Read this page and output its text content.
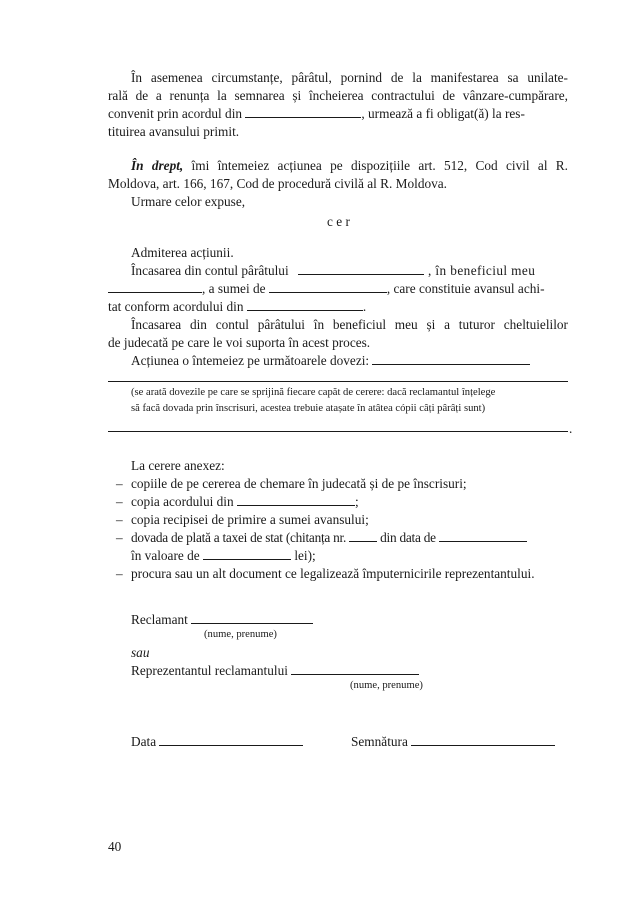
În asemenea circumstanțe, pârâtul, pornind de la manifestarea sa unilate-
rală de a renunța la semnarea și încheierea contractului de vânzare-cumpărare,
convenit prin acordul din	, urmează a fi obligat(ă) la res-
tituirea avansului primit.
În drept, îmi întemeiez acțiunea pe dispozițiile art. 512, Cod civil al R.
Moldova, art. 166, 167, Cod de procedură civilă al R. Moldova.
Urmare celor expuse,
c e r
Admiterea acțiunii.
Încasarea din contul pârâtului	, în beneficiul meu
, a sumei de	, care constituie avansul achi-
tat conform acordului din	.
Încasarea din contul pârâtului în beneficiul meu și a tuturor cheltuielilor
de judecată pe care le voi suporta în acest proces.
Acțiunea o întemeiez pe următoarele dovezi:
(se arată dovezile pe care se sprijină fiecare capăt de cerere: dacă reclamantul înțelege
să facă dovada prin înscrisuri, acestea trebuie atașate în atâtea cópii câți pârâți sunt)
.
La cerere anexez:
– copiile de pe cererea de chemare în judecată și de pe înscrisuri;
– copia acordului din	;
– copia recipisei de primire a sumei avansului;
– dovada de plată a taxei de stat (chitanța nr.	din data de
în valoare de	lei);
– procura sau un alt document ce legalizează împuternicirile reprezentantului.
Reclamant
(nume, prenume)
sau
Reprezentantul reclamantului
(nume, prenume)
Data	Semnătura
40
